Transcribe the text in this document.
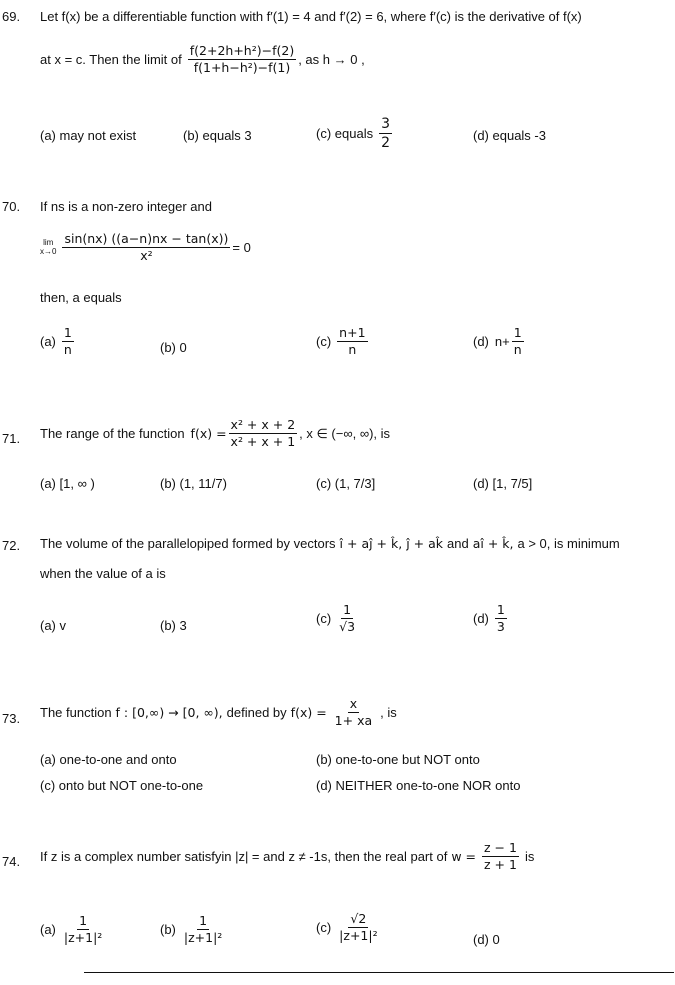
69. Let f(x) be a differentiable function with f′(1) = 4 and f′(2) = 6, where f′(c) is the derivative of f(x)
at x = c. Then the limit of $\frac{\text{f(2+2h+h²)−f(2)}}{\text{f(1+h−h²)−f(1)}}$ , as h → 0 ,
(a) may not exist	(b) equals 3	(c) equals $\frac{3}{2}$	(d) equals -3
70. If ns is a non-zero integer and
lim
$x\to 0 \frac{\sin(nx) ((a-n)nx - \tan(x))}{\text{x²}} = 0$
then, a equals
$(a) \frac{1}{n}$	(b) 0	$(c) \frac{n+1}{n}$	(d) $n+ \frac{1}{n}$
71. The range of the function $f(x) = \frac{\text{x² + x + 2}}{\text{x² + x + 1}}$ , x ∈ (−∞, ∞), is
(a) [1, ∞ )	(b) (1, 11/7)	(c) (1, 7/3]	(d) [1, 7/5]
72. The volume of the parallelopiped formed by vectors î + aĵ + k̂, ĵ + ak̂ and aî + k̂, a > 0, is minimum
when the value of a is
(a) v	(b) 3	$(c) \frac{1}{√3}$	$(d) \frac{1}{3}$
73. The function f : [0,∞) → [0, ∞), defined by $f(x) = \frac{x}{1+ xa}$ , is
(a) one-to-one and onto	(b) one-to-one but NOT onto
(c) onto but NOT one-to-one	(d) NEITHER one-to-one NOR onto
74. If z is a complex number satisfyin |z| = and z ≠ -1s, then the real part of $w = \frac{z - 1}{z + 1}$ is
$(a) \frac{1}{\text{|z+1|²}}$	$(b) \frac{1}{\text{|z+1|²}}$	$(c) \frac{√2}{\text{|z+1|²}}$	(d) 0
